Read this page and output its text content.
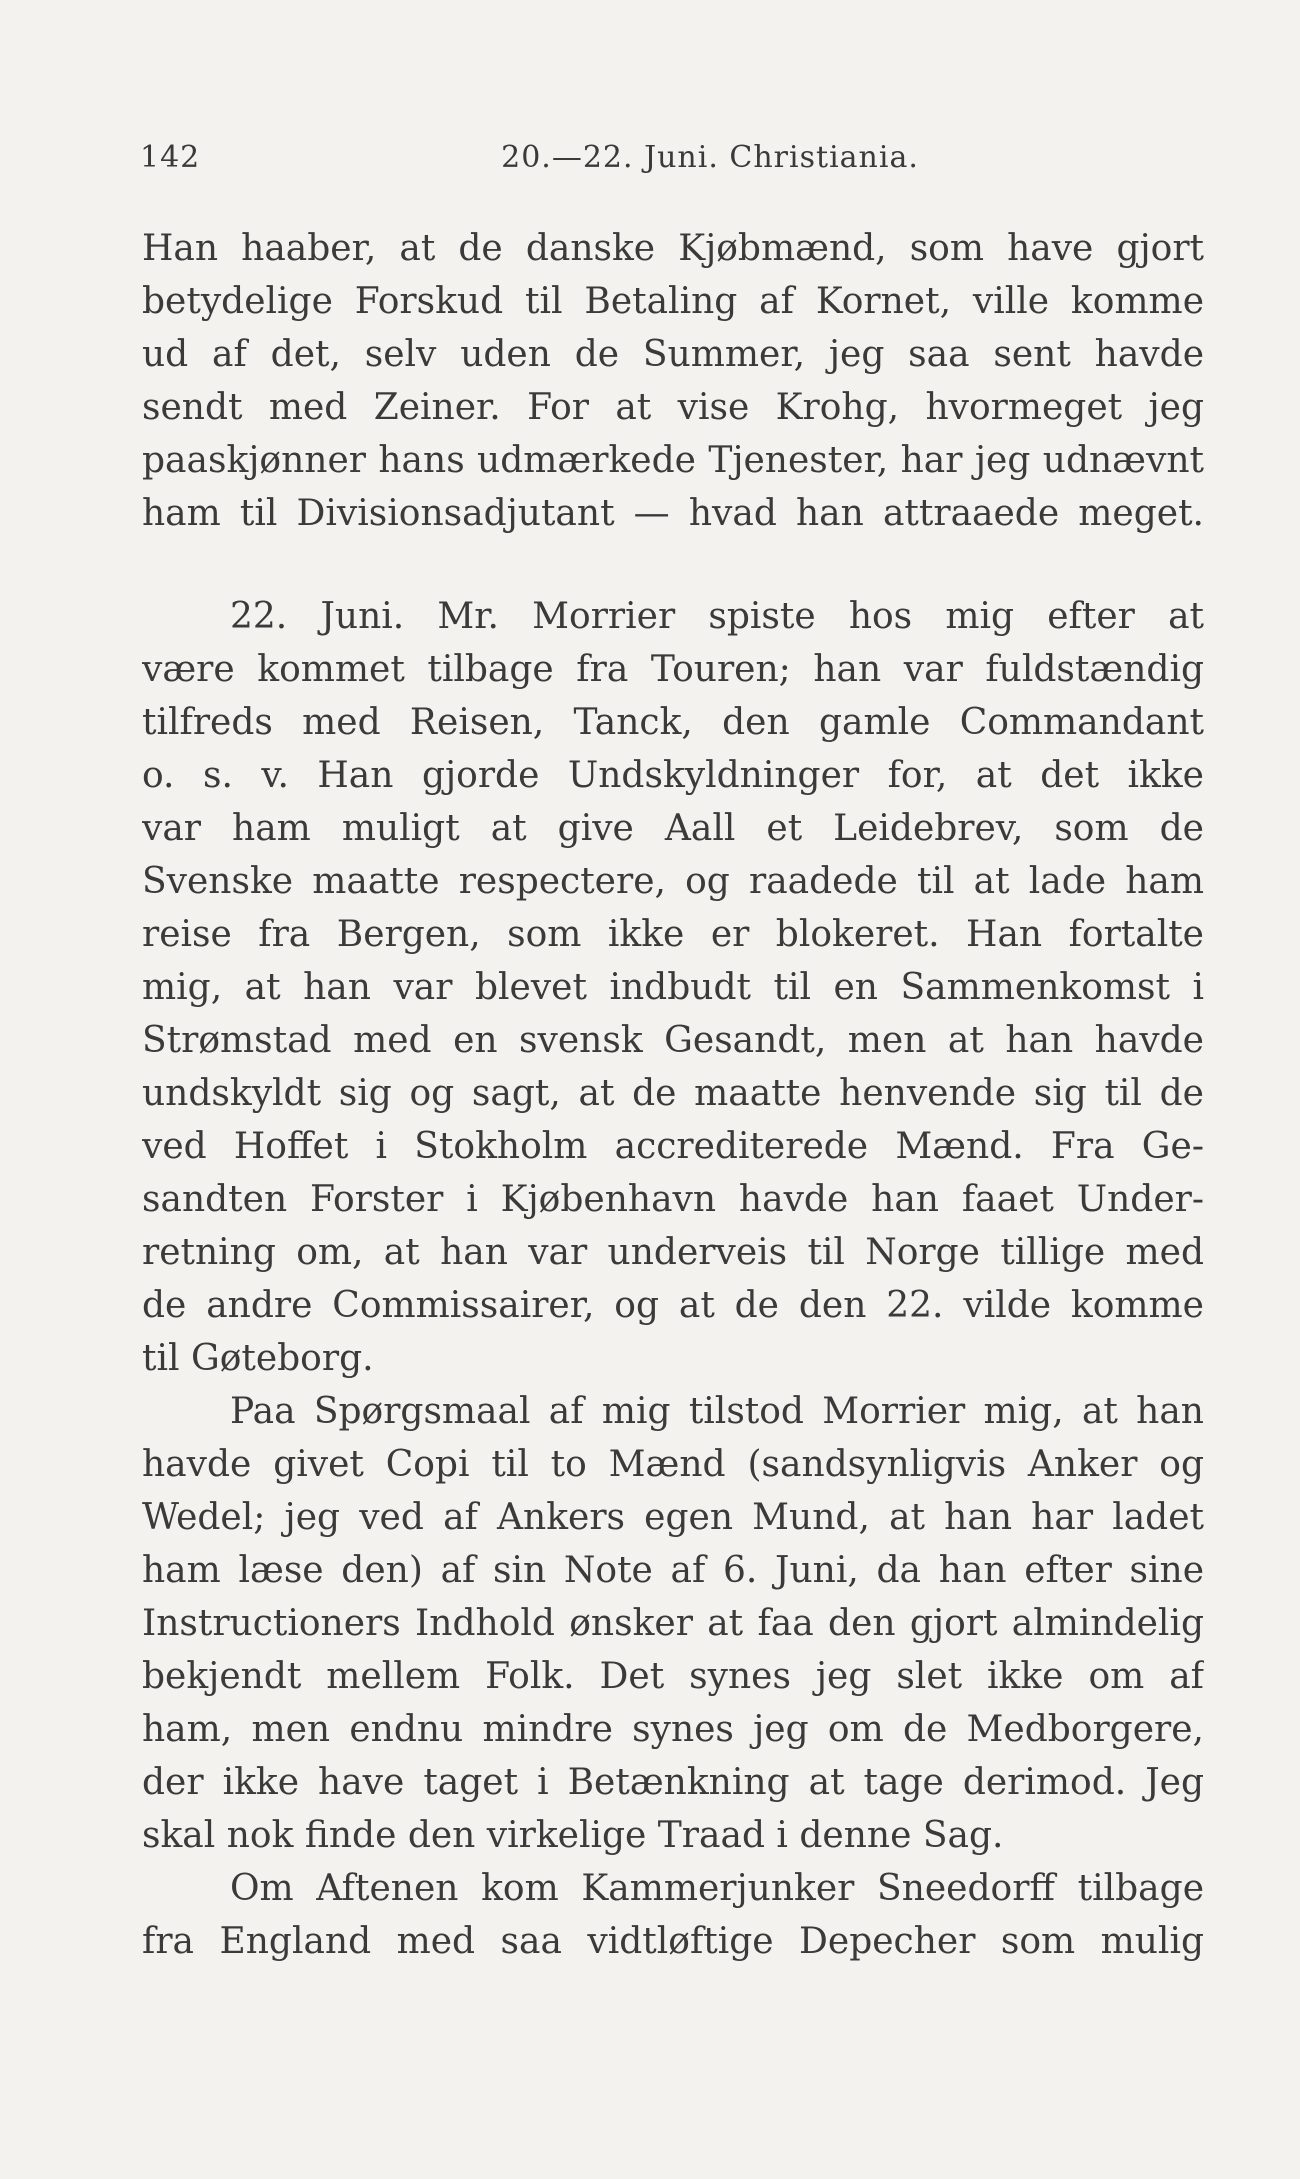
142	20.—22. Juni. Christiania.
Han haaber, at de danske Kjøbmænd, som have gjort
betydelige Forskud til Betaling af Kornet, ville komme
ud af det, selv uden de Summer, jeg saa sent havde
sendt med Zeiner. For at vise Krohg, hvormeget jeg
paaskjønner hans udmærkede Tjenester, har jeg udnævnt
ham til Divisionsadjutant — hvad han attraaede meget.
22. Juni. Mr. Morrier spiste hos mig efter at
være kommet tilbage fra Touren; han var fuldstændig
tilfreds med Reisen, Tanck, den gamle Commandant
o. s. v. Han gjorde Undskyldninger for, at det ikke
var ham muligt at give Aall et Leidebrev, som de
Svenske maatte respectere, og raadede til at lade ham
reise fra Bergen, som ikke er blokeret. Han fortalte
mig, at han var blevet indbudt til en Sammenkomst i
Strømstad med en svensk Gesandt, men at han havde
undskyldt sig og sagt, at de maatte henvende sig til de
ved Hoffet i Stokholm accrediterede Mænd. Fra Ge-
sandten Forster i Kjøbenhavn havde han faaet Under-
retning om, at han var underveis til Norge tillige med
de andre Commissairer, og at de den 22. vilde komme
til Gøteborg.
Paa Spørgsmaal af mig tilstod Morrier mig, at han
havde givet Copi til to Mænd (sandsynligvis Anker og
Wedel; jeg ved af Ankers egen Mund, at han har ladet
ham læse den) af sin Note af 6. Juni, da han efter sine
Instructioners Indhold ønsker at faa den gjort almindelig
bekjendt mellem Folk. Det synes jeg slet ikke om af
ham, men endnu mindre synes jeg om de Medborgere,
der ikke have taget i Betænkning at tage derimod. Jeg
skal nok finde den virkelige Traad i denne Sag.
Om Aftenen kom Kammerjunker Sneedorff tilbage
fra England med saa vidtløftige Depecher som mulig
